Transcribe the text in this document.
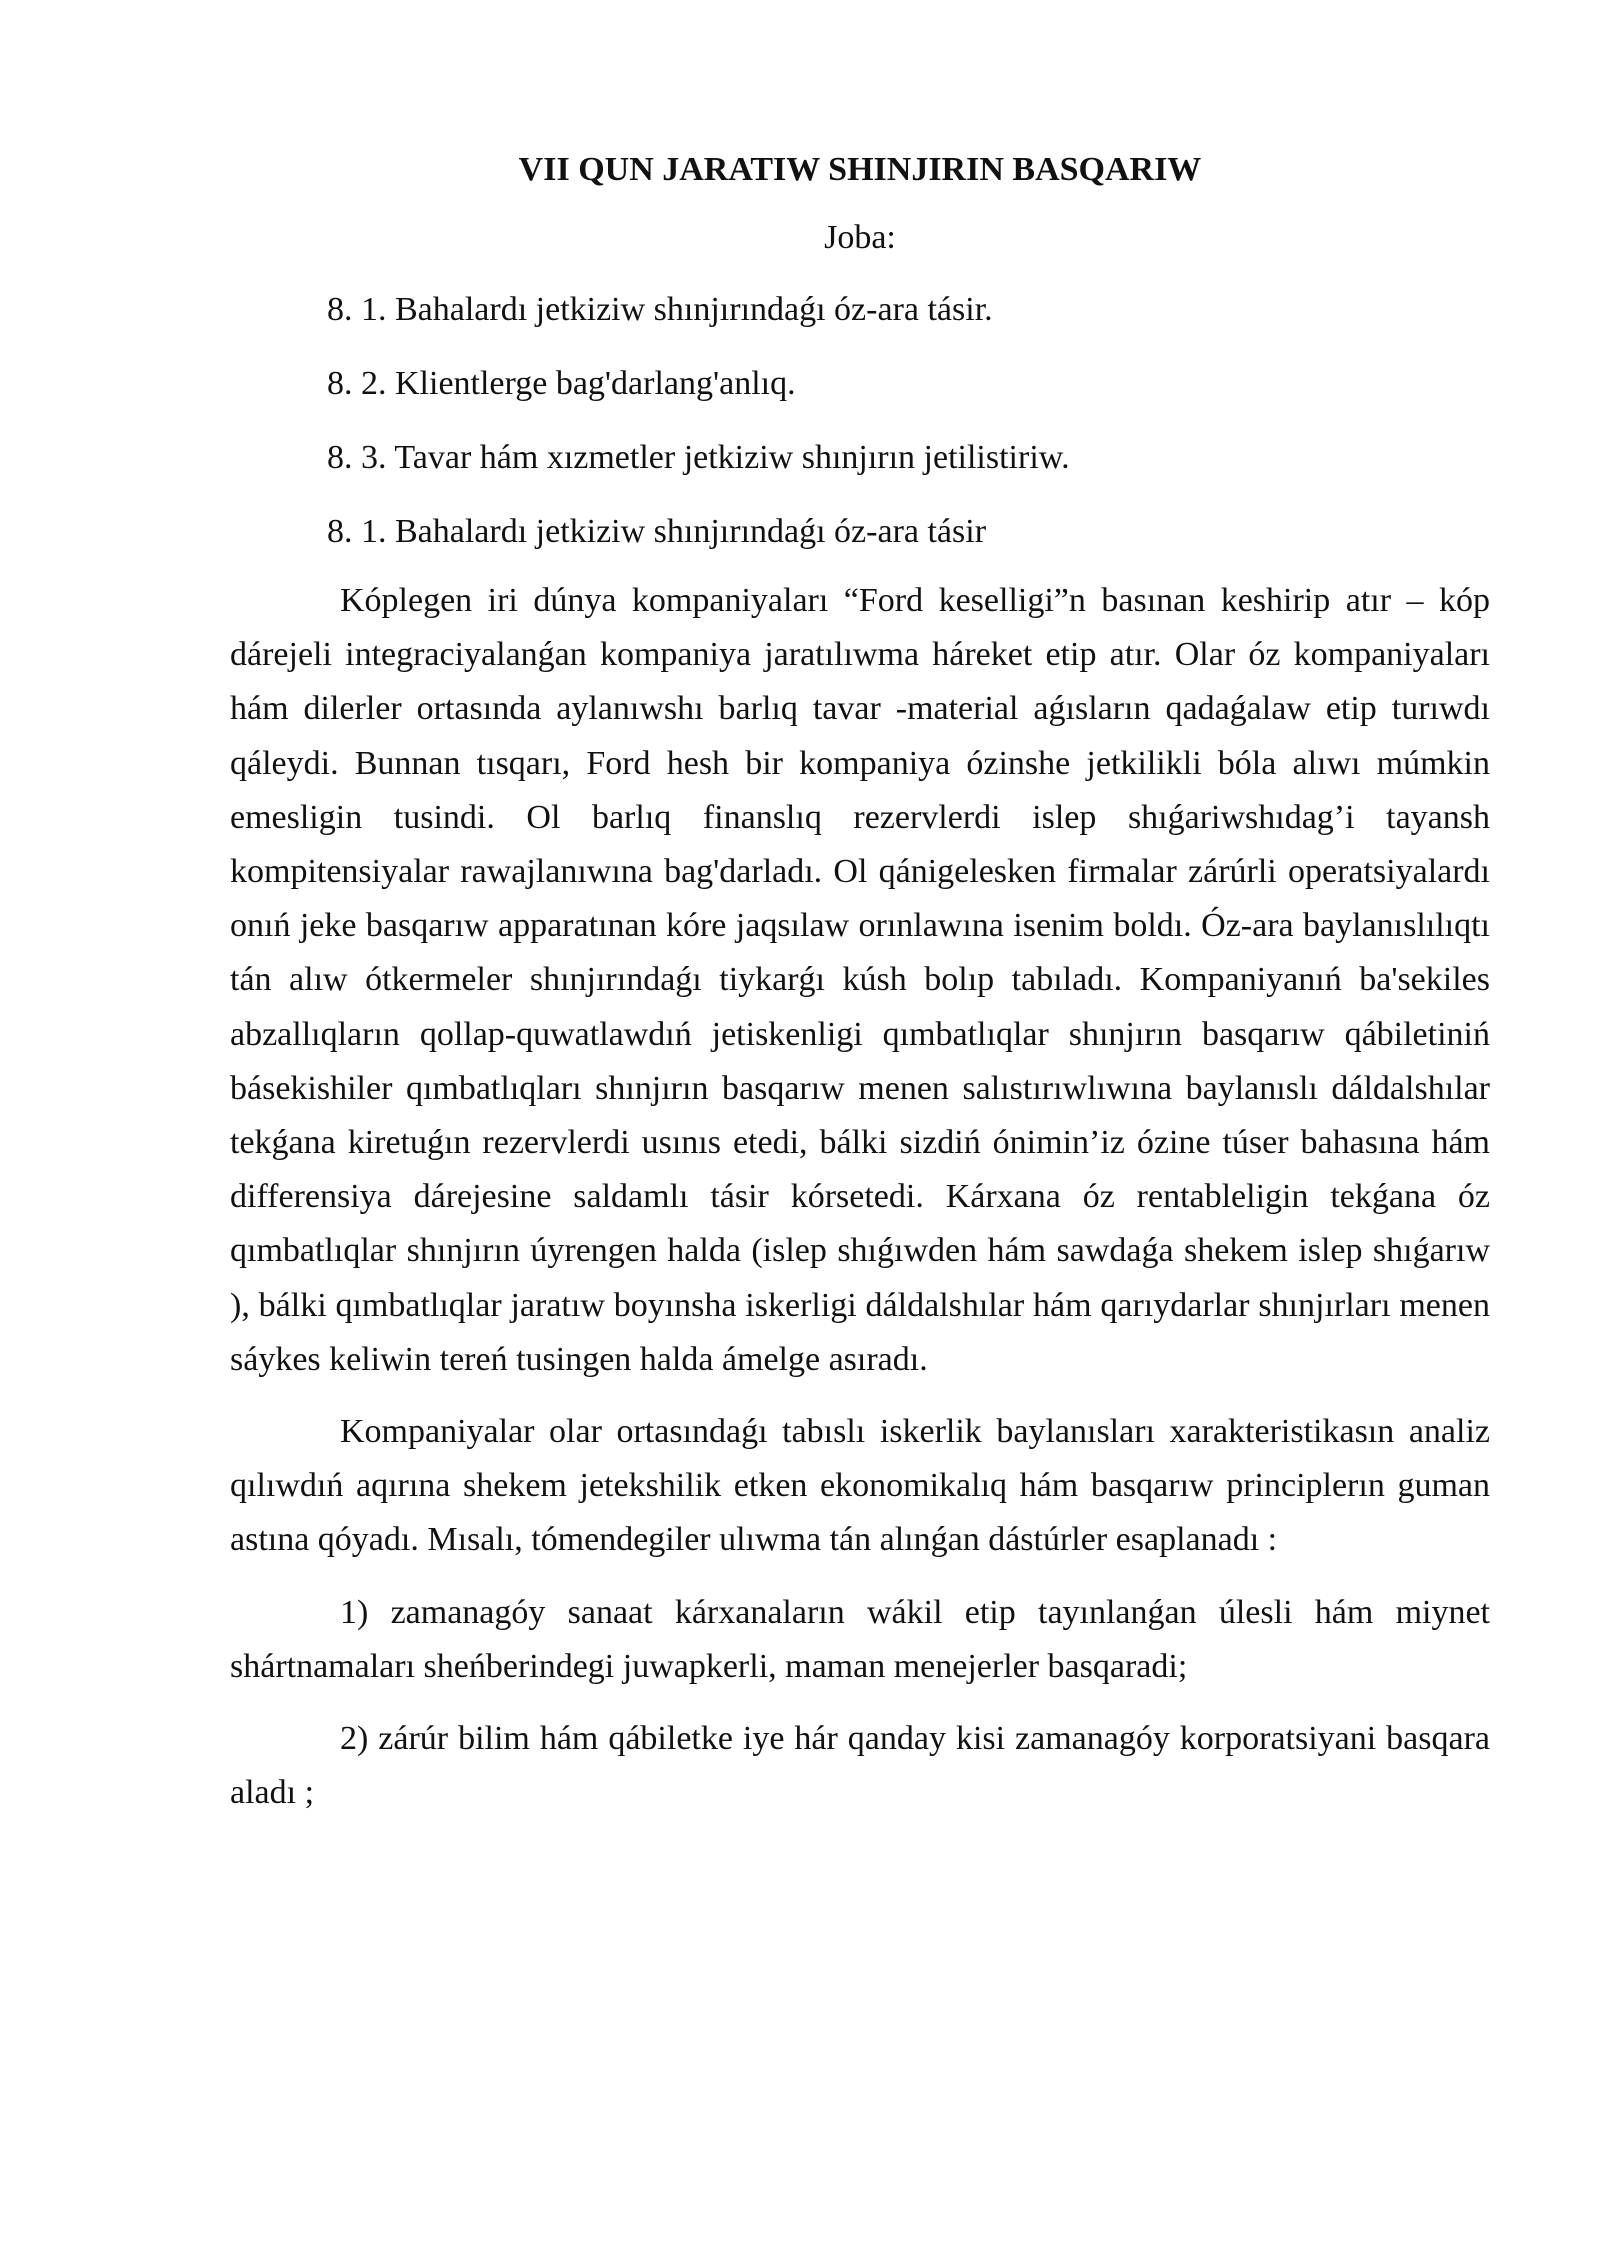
VII QUN JARATIW SHINJIRIN BASQARIW
Joba:
8. 1. Bahalardı jetkiziw shınjırındaǵı óz-ara tásir.
8. 2. Klientlerge bag'darlang'anlıq.
8. 3. Tavar hám xızmetler jetkiziw shınjırın jetilistiriw.
8. 1. Bahalardı jetkiziw shınjırındaǵı óz-ara tásir

Kóplegen iri dúnya kompaniyaları “Ford keselligi”n basınan keshirip atır – kóp dárejeli integraciyalanǵan kompaniya jaratılıwma háreket etip atır. Olar óz kompaniyaları hám dilerler ortasında aylanıwshı barlıq tavar -material aǵısların qadaǵalaw etip turıwdı qáleydi. Bunnan tısqarı, Ford hesh bir kompaniya ózinshe jetkilikli bóla alıwı múmkin emesligin tusindi. Ol barlıq finanslıq rezervlerdi islep shıǵariwshıdag’i tayansh kompitensiyalar rawajlanıwına bag'darladı. Ol qánigelesken firmalar zárúrli operatsiyalardı onıń jeke basqarıw apparatınan kóre jaqsılaw orınlawına isenim boldı. Óz-ara baylanıslılıqtı tán alıw ótkermeler shınjırındaǵı tiykarǵı kúsh bolıp tabıladı. Kompaniyanıń ba'sekiles abzallıqların qollap-quwatlawdıń jetiskenligi qımbatlıqlar shınjırın basqarıw qábiletiniń básekishiler qımbatlıqları shınjırın basqarıw menen salıstırıwlıwına baylanıslı dáldalshılar tekǵana kiretuǵın rezervlerdi usınıs etedi, bálki sizdiń ónimin’iz ózine túser bahasına hám differensiya dárejesine saldamlı tásir kórsetedi. Kárxana óz rentableligin tekǵana óz qımbatlıqlar shınjırın úyrengen halda (islep shıǵıwden hám sawdaǵa shekem islep shıǵarıw ), bálki qımbatlıqlar jaratıw boyınsha iskerligi dáldalshılar hám qarıydarlar shınjırları menen sáykes keliwin tereń tusingen halda ámelge asıradı.

Kompaniyalar olar ortasındaǵı tabıslı iskerlik baylanısları xarakteristikasın analiz qılıwdıń aqırına shekem jetekshilik etken ekonomikalıq hám basqarıw principlerın guman astına qóyadı. Mısalı, tómendegiler ulıwma tán alınǵan dástúrler esaplanadı :

1) zamanagóy sanaat kárxanaların wákil etip tayınlanǵan úlesli hám miynet shártnamaları sheńberindegi juwapkerli, maman menejerler basqaradi;

2) zárúr bilim hám qábiletke iye hár qanday kisi zamanagóy korporatsiyani basqara aladı ;
